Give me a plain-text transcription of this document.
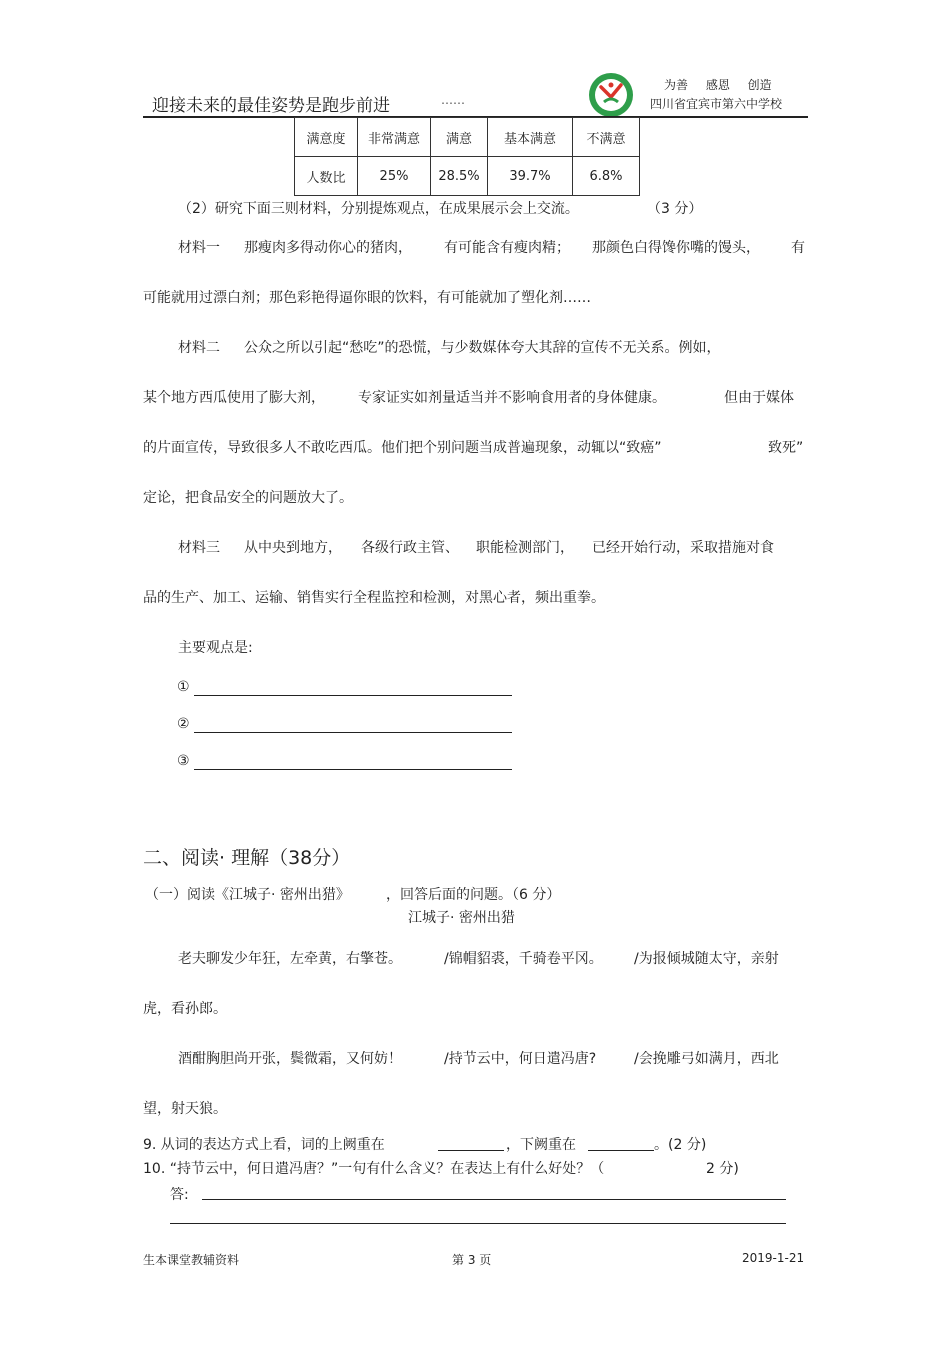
迎接未来的最佳姿势是跑步前进	……
为善 感恩 创造
四川省宜宾市第六中学校
满意度	非常满意	满意	基本满意	不满意
人数比	25%	28.5%	39.7%	6.8%
（2）研究下面三则材料，分别提炼观点，在成果展示会上交流。	（3 分）
材料一 那瘦肉多得动你心的猪肉， 有可能含有瘦肉精； 那颜色白得馋你嘴的馒头， 有
可能就用过漂白剂；那色彩艳得逼你眼的饮料，有可能就加了塑化剂……
材料二 公众之所以引起“愁吃”的恐慌，与少数媒体夸大其辞的宣传不无关系。例如，
某个地方西瓜使用了膨大剂， 专家证实如剂量适当并不影响食用者的身体健康。	但由于媒体
的片面宣传，导致很多人不敢吃西瓜。他们把个别问题当成普遍现象，动辄以“致癌”	致死”
定论，把食品安全的问题放大了。
材料三 从中央到地方， 各级行政主管、 职能检测部门， 已经开始行动，采取措施对食
品的生产、加工、运输、销售实行全程监控和检测，对黑心者，频出重拳。
主要观点是:
①
②
③
二、阅读· 理解（38分）
（一）阅读《江城子· 密州出猎》	，回答后面的问题。（6 分）
江城子· 密州出猎
老夫聊发少年狂，左牵黄，右擎苍。	/锦帽貂裘，千骑卷平冈。 /为报倾城随太守，亲射
虎，看孙郎。
酒酣胸胆尚开张，鬓微霜，又何妨！	/持节云中，何日遣冯唐?	/会挽雕弓如满月，西北
望，射天狼。
9. 从词的表达方式上看，词的上阙重在	，下阙重在	。(2 分)
10. “持节云中，何日遣冯唐？”一句有什么含义？在表达上有什么好处？（	2 分)
答:
生本课堂教辅资料	第 3 页	2019-1-21
